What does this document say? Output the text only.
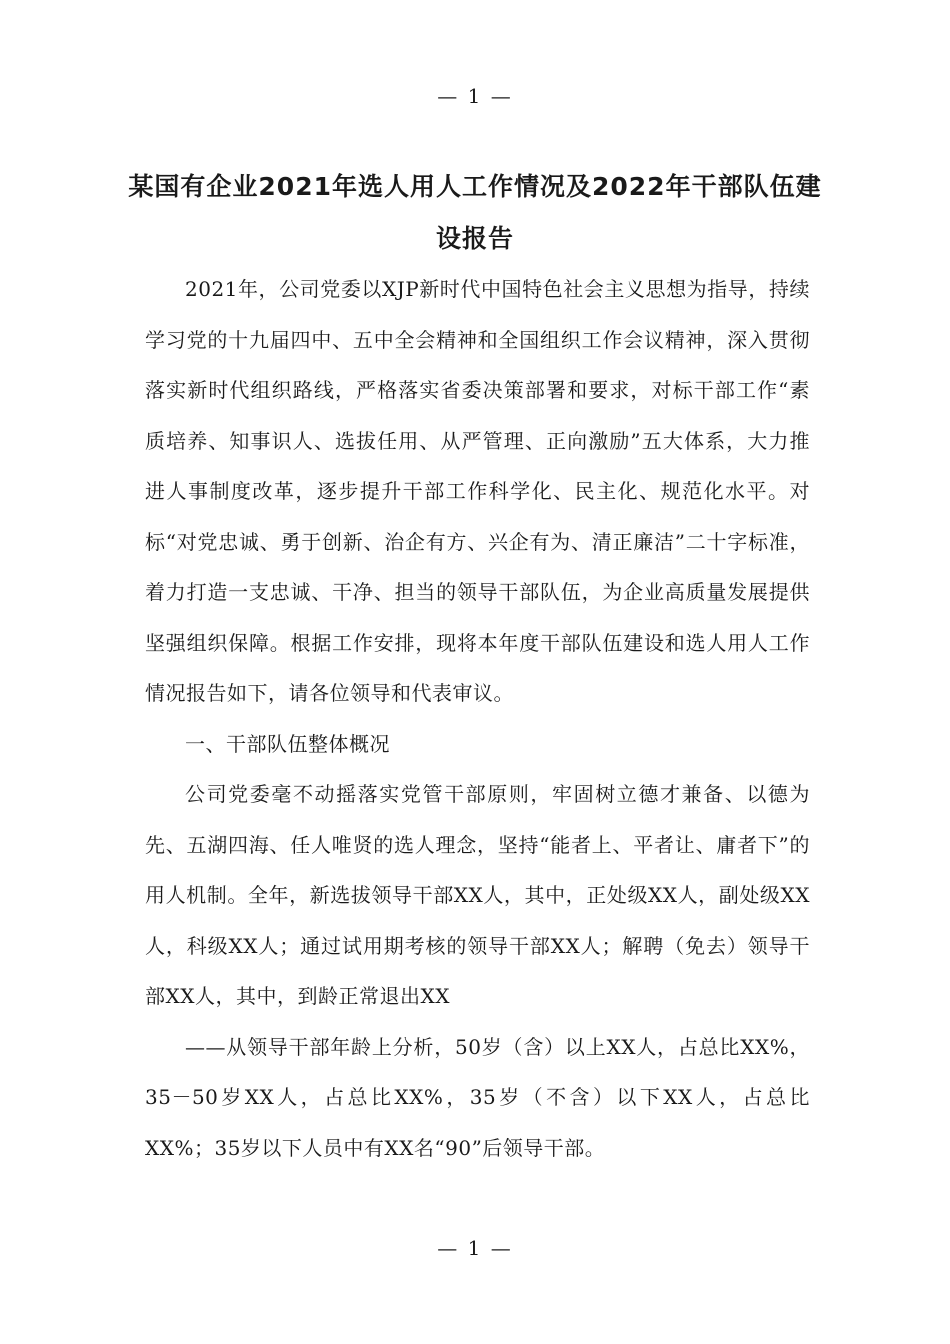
— 1 —
某国有企业2021年选人用人工作情况及2022年干部队伍建设报告

2021年，公司党委以XJP新时代中国特色社会主义思想为指导，持续学习党的十九届四中、五中全会精神和全国组织工作会议精神，深入贯彻落实新时代组织路线，严格落实省委决策部署和要求，对标干部工作“素质培养、知事识人、选拔任用、从严管理、正向激励”五大体系，大力推进人事制度改革，逐步提升干部工作科学化、民主化、规范化水平。对标“对党忠诚、勇于创新、治企有方、兴企有为、清正廉洁”二十字标准，着力打造一支忠诚、干净、担当的领导干部队伍，为企业高质量发展提供坚强组织保障。根据工作安排，现将本年度干部队伍建设和选人用人工作情况报告如下，请各位领导和代表审议。

一、干部队伍整体概况

公司党委毫不动摇落实党管干部原则，牢固树立德才兼备、以德为先、五湖四海、任人唯贤的选人理念，坚持“能者上、平者让、庸者下”的用人机制。全年，新选拔领导干部XX人，其中，正处级XX人，副处级XX人，科级XX人；通过试用期考核的领导干部XX人；解聘（免去）领导干部XX人，其中，到龄正常退出XX

——从领导干部年龄上分析，50岁（含）以上XX人，占总比XX%，35－50岁XX人，占总比XX%，35岁（不含）以下XX人，占总比XX%；35岁以下人员中有XX名“90”后领导干部。

— 1 —
